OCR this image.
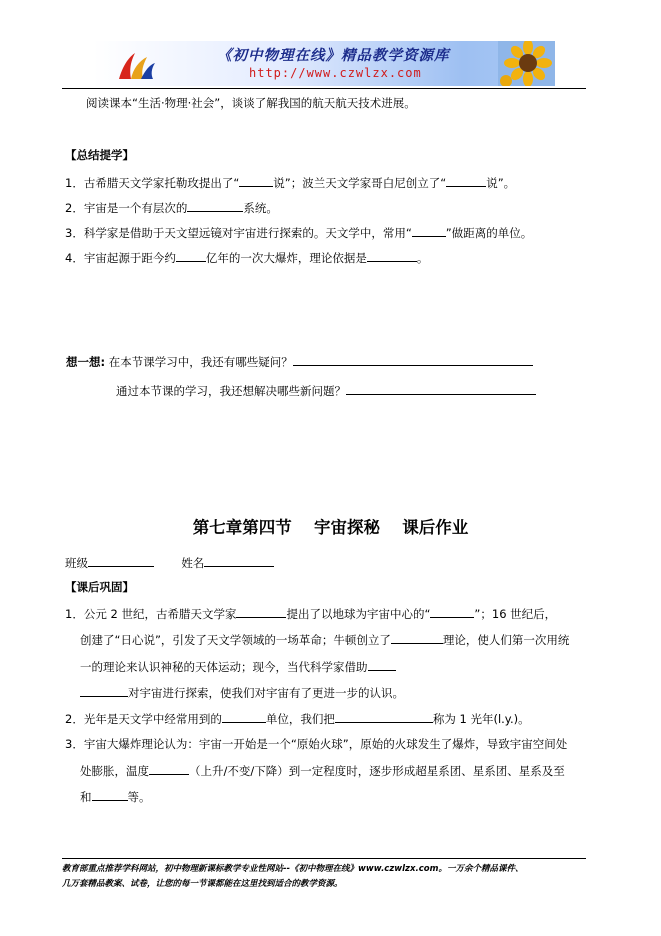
《初中物理在线》精品教学资源库
http://www.czwlzx.com
阅读课本“生活·物理·社会”，谈谈了解我国的航天航天技术进展。
【总结提学】
1．古希腊天文学家托勒玫提出了“	说”；波兰天文学家哥白尼创立了“	说”。
2．宇宙是一个有层次的	系统。
3．科学家是借助于天文望远镜对宇宙进行探索的。天文学中，常用“	”做距离的单位。
4．宇宙起源于距今约	亿年的一次大爆炸，理论依据是	。
想一想: 在本节课学习中，我还有哪些疑问？
通过本节课的学习，我还想解决哪些新问题？
第七章第四节　 宇宙探秘　 课后作业
班级	姓名
【课后巩固】
1．公元 2 世纪，古希腊天文学家	提出了以地球为宇宙中心的“	”；16 世纪后，
创建了“日心说”，引发了天文学领域的一场革命；牛顿创立了	理论，使人们第一次用统
一的理论来认识神秘的天体运动；现今，当代科学家借助
对宇宙进行探索，使我们对宇宙有了更进一步的认识。
2．光年是天文学中经常用到的	单位，我们把	称为 1 光年(l.y.)。
3．宇宙大爆炸理论认为：宇宙一开始是一个“原始火球”，原始的火球发生了爆炸，导致宇宙空间处
处膨胀，温度	（上升/不变/下降）到一定程度时，逐步形成超星系团、星系团、星系及至
和	等。
教育部重点推荐学科网站，初中物理新课标教学专业性网站--《初中物理在线》www.czwlzx.com。一万余个精品课件、
几万套精品教案、试卷，让您的每一节课都能在这里找到适合的教学资源。
